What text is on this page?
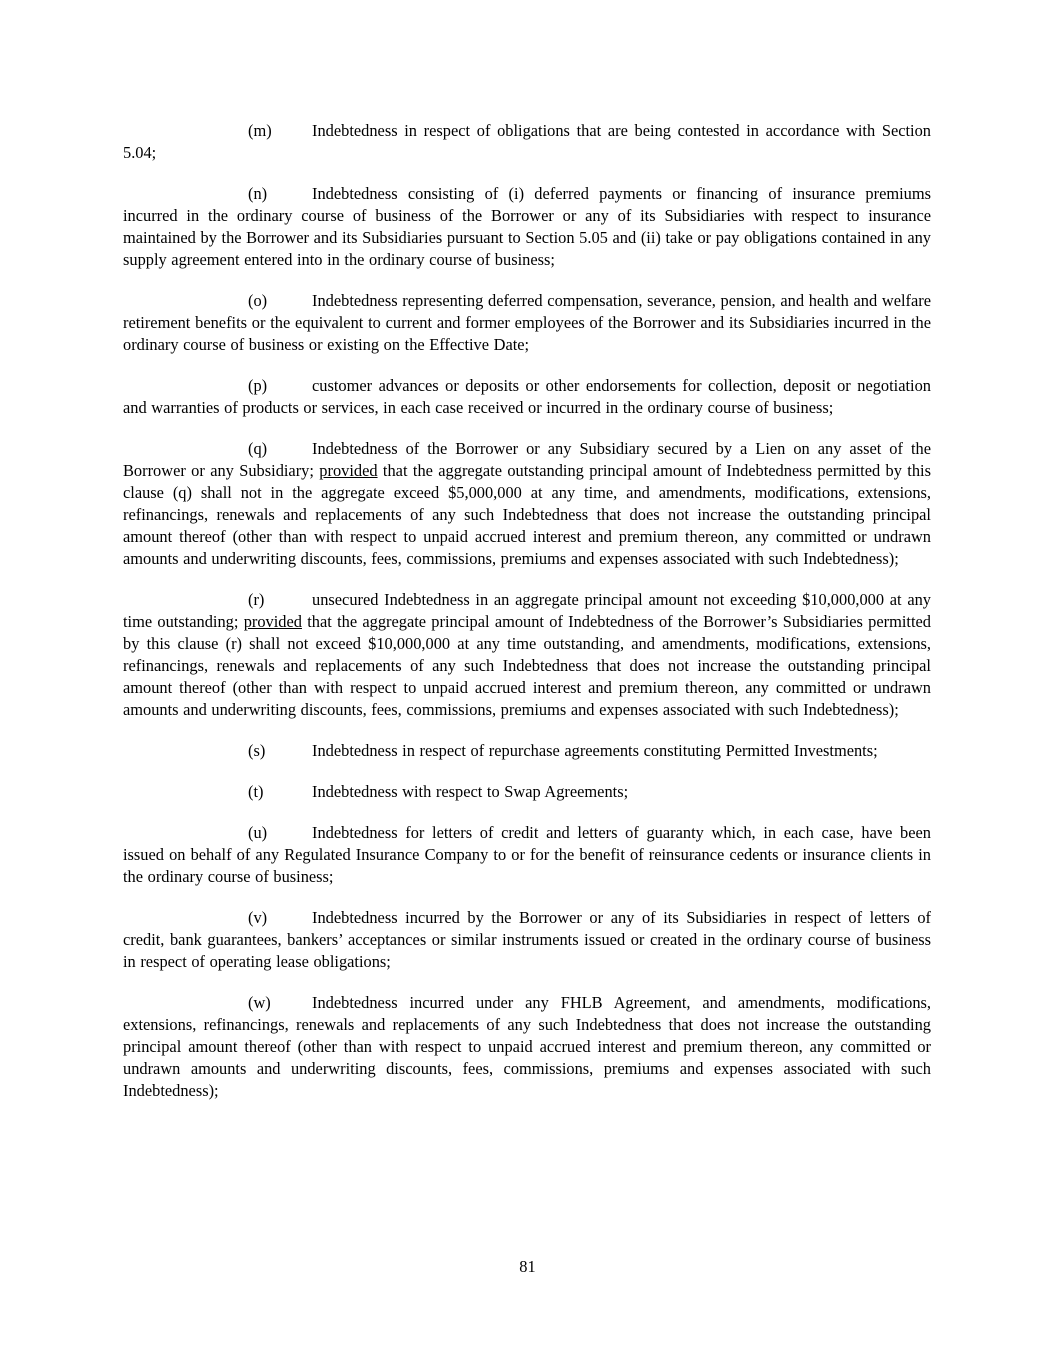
(m) Indebtedness in respect of obligations that are being contested in accordance with Section 5.04;

(n)	Indebtedness consisting of (i) deferred payments or financing of insurance premiums incurred in the ordinary course of business of the Borrower or any of its Subsidiaries with respect to insurance maintained by the Borrower and its Subsidiaries pursuant to Section 5.05 and (ii) take or pay obligations contained in any supply agreement entered into in the ordinary course of business;

(o)	Indebtedness representing deferred compensation, severance, pension, and health and welfare retirement benefits or the equivalent to current and former employees of the Borrower and its Subsidiaries incurred in the ordinary course of business or existing on the Effective Date;

(p)	customer advances or deposits or other endorsements for collection, deposit or negotiation and warranties of products or services, in each case received or incurred in the ordinary course of business;

(q)	Indebtedness of the Borrower or any Subsidiary secured by a Lien on any asset of the Borrower or any Subsidiary; provided that the aggregate outstanding principal amount of Indebtedness permitted by this clause (q) shall not in the aggregate exceed $5,000,000 at any time, and amendments, modifications, extensions, refinancings, renewals and replacements of any such Indebtedness that does not increase the outstanding principal amount thereof (other than with respect to unpaid accrued interest and premium thereon, any committed or undrawn amounts and underwriting discounts, fees, commissions, premiums and expenses associated with such Indebtedness);

(r)	unsecured Indebtedness in an aggregate principal amount not exceeding $10,000,000 at any time outstanding; provided that the aggregate principal amount of Indebtedness of the Borrower’s Subsidiaries permitted by this clause (r) shall not exceed $10,000,000 at any time outstanding, and amendments, modifications, extensions, refinancings, renewals and replacements of any such Indebtedness that does not increase the outstanding principal amount thereof (other than with respect to unpaid accrued interest and premium thereon, any committed or undrawn amounts and underwriting discounts, fees, commissions, premiums and expenses associated with such Indebtedness);

(s)	Indebtedness in respect of repurchase agreements constituting Permitted Investments;

(t)	Indebtedness with respect to Swap Agreements;

(u)	Indebtedness for letters of credit and letters of guaranty which, in each case, have been issued on behalf of any Regulated Insurance Company to or for the benefit of reinsurance cedents or insurance clients in the ordinary course of business;

(v)	Indebtedness incurred by the Borrower or any of its Subsidiaries in respect of letters of credit, bank guarantees, bankers’ acceptances or similar instruments issued or created in the ordinary course of business in respect of operating lease obligations;

(w)	Indebtedness incurred under any FHLB Agreement, and amendments, modifications, extensions, refinancings, renewals and replacements of any such Indebtedness that does not increase the outstanding principal amount thereof (other than with respect to unpaid accrued interest and premium thereon, any committed or undrawn amounts and underwriting discounts, fees, commissions, premiums and expenses associated with such Indebtedness);

81
